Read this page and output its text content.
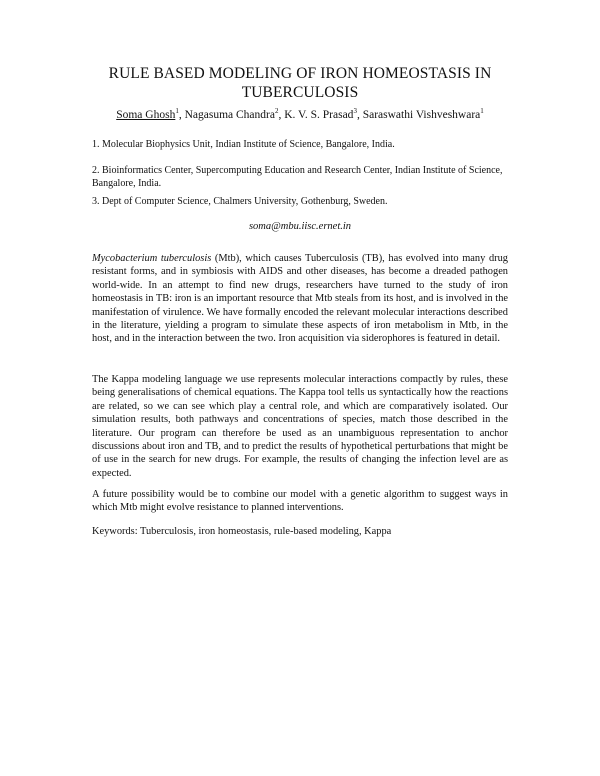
RULE BASED MODELING OF IRON HOMEOSTASIS IN
TUBERCULOSIS
Soma Ghosh$^1$, Nagasuma Chandra$^2$, K. V. S. Prasad$^3$, Saraswathi Vishveshwara$^1$
1. Molecular Biophysics Unit, Indian Institute of Science, Bangalore, India.
2. Bioinformatics Center, Supercomputing Education and Research Center, Indian Institute of Science, Bangalore, India.
3. Dept of Computer Science, Chalmers University, Gothenburg, Sweden.
soma@mbu.iisc.ernet.in
Mycobacterium tuberculosis (Mtb), which causes Tuberculosis (TB), has evolved into many drug resistant forms, and in symbiosis with AIDS and other diseases, has become a dreaded pathogen world-wide. In an attempt to find new drugs, researchers have turned to the study of iron homeostasis in TB: iron is an important resource that Mtb steals from its host, and is involved in the manifestation of virulence. We have formally encoded the relevant molecular interactions described in the literature, yielding a program to simulate these aspects of iron metabolism in Mtb, in the host, and in the interaction between the two. Iron acquisition via siderophores is featured in detail.
The Kappa modeling language we use represents molecular interactions compactly by rules, these being generalisations of chemical equations. The Kappa tool tells us syntactically how the reactions are related, so we can see which play a central role, and which are comparatively isolated. Our simulation results, both pathways and concentrations of species, match those described in the literature. Our program can therefore be used as an unambiguous representation to anchor discussions about iron and TB, and to predict the results of hypothetical perturbations that might be of use in the search for new drugs. For example, the results of changing the infection level are as expected.
A future possibility would be to combine our model with a genetic algorithm to suggest ways in which Mtb might evolve resistance to planned interventions.
Keywords: Tuberculosis, iron homeostasis, rule-based modeling, Kappa
